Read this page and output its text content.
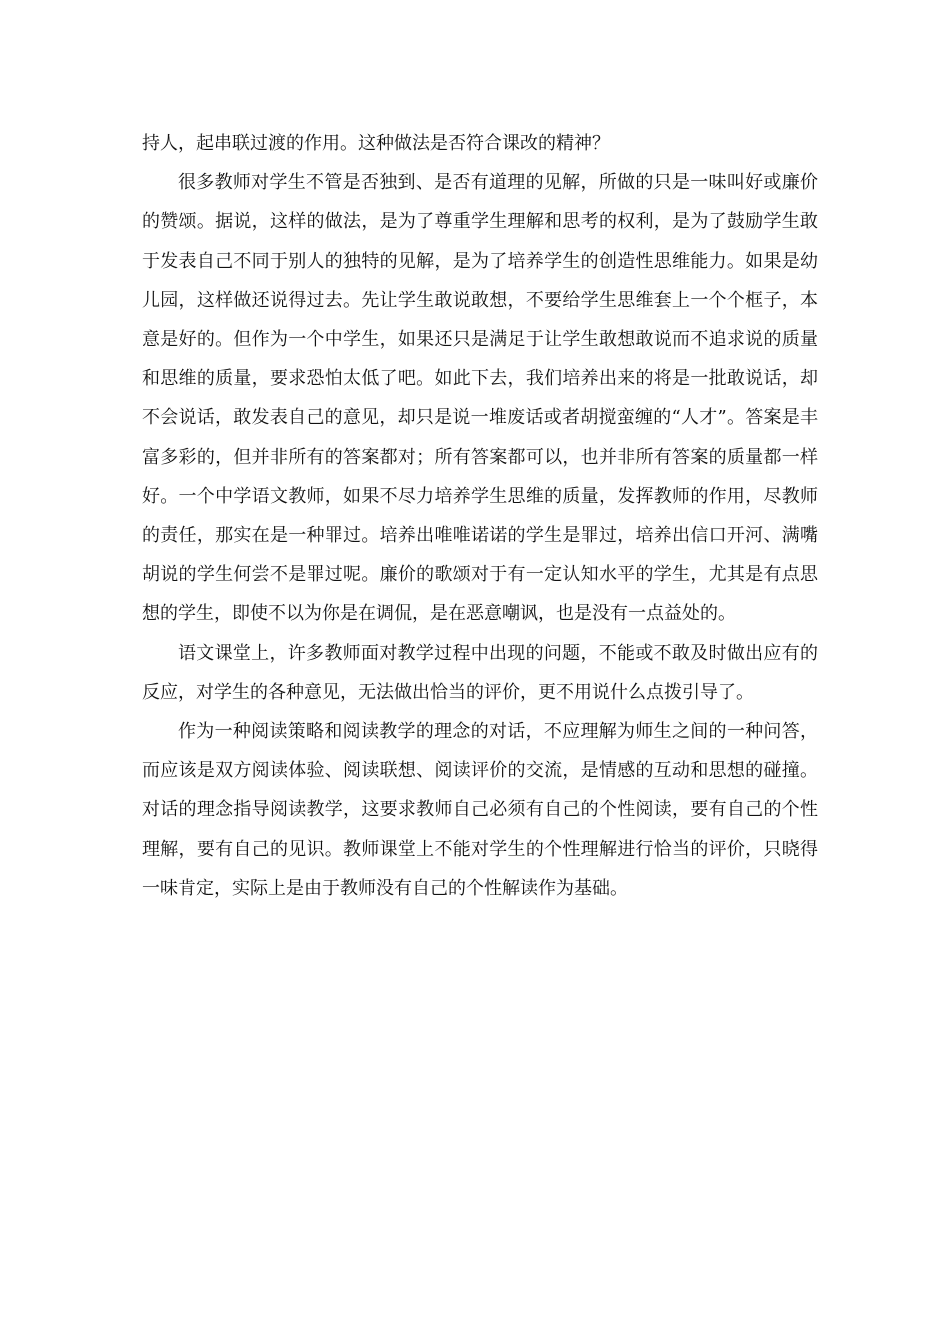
持人，起串联过渡的作用。这种做法是否符合课改的精神？

很多教师对学生不管是否独到、是否有道理的见解，所做的只是一味叫好或廉价的赞颂。据说，这样的做法，是为了尊重学生理解和思考的权利，是为了鼓励学生敢于发表自己不同于别人的独特的见解，是为了培养学生的创造性思维能力。如果是幼儿园，这样做还说得过去。先让学生敢说敢想，不要给学生思维套上一个个框子，本意是好的。但作为一个中学生，如果还只是满足于让学生敢想敢说而不追求说的质量和思维的质量，要求恐怕太低了吧。如此下去，我们培养出来的将是一批敢说话，却不会说话，敢发表自己的意见，却只是说一堆废话或者胡搅蛮缠的“人才”。答案是丰富多彩的，但并非所有的答案都对；所有答案都可以，也并非所有答案的质量都一样好。一个中学语文教师，如果不尽力培养学生思维的质量，发挥教师的作用，尽教师的责任，那实在是一种罪过。培养出唯唯诺诺的学生是罪过，培养出信口开河、满嘴胡说的学生何尝不是罪过呢。廉价的歌颂对于有一定认知水平的学生，尤其是有点思想的学生，即使不以为你是在调侃，是在恶意嘲讽，也是没有一点益处的。

语文课堂上，许多教师面对教学过程中出现的问题，不能或不敢及时做出应有的反应，对学生的各种意见，无法做出恰当的评价，更不用说什么点拨引导了。

作为一种阅读策略和阅读教学的理念的对话，不应理解为师生之间的一种问答，而应该是双方阅读体验、阅读联想、阅读评价的交流，是情感的互动和思想的碰撞。对话的理念指导阅读教学，这要求教师自己必须有自己的个性阅读，要有自己的个性理解，要有自己的见识。教师课堂上不能对学生的个性理解进行恰当的评价，只晓得一味肯定，实际上是由于教师没有自己的个性解读作为基础。
